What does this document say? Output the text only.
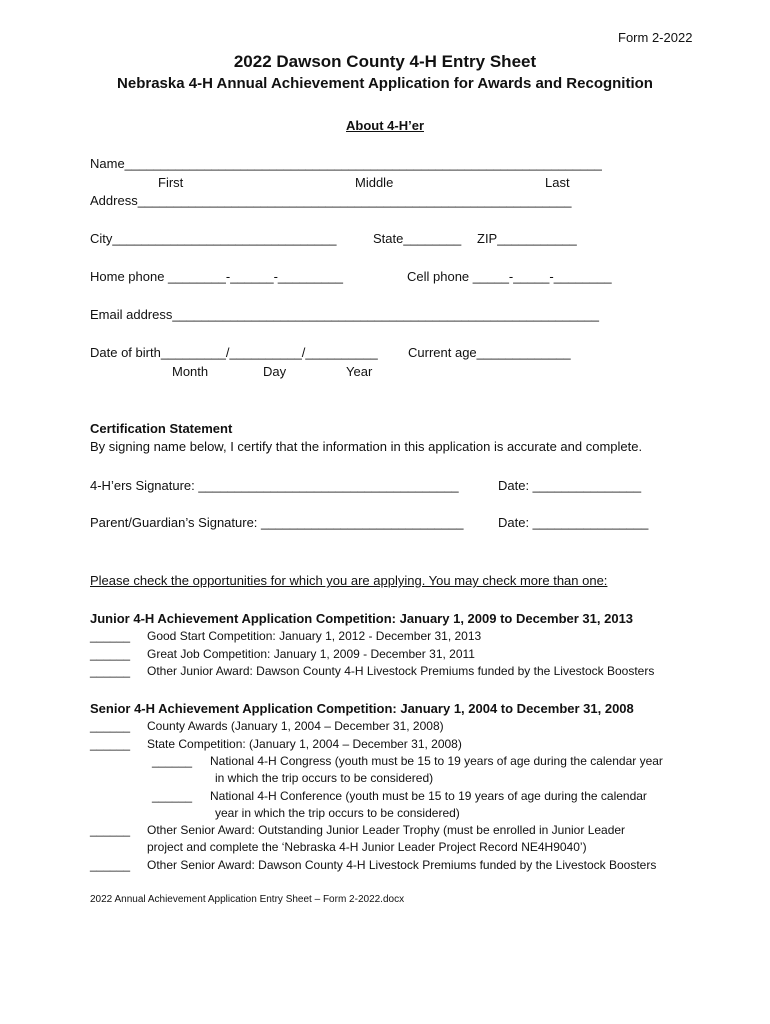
Form 2-2022
2022 Dawson County 4-H Entry Sheet
Nebraska 4-H Annual Achievement Application for Awards and Recognition
About 4-H’er
Name__________________________________________________________________
First	Middle	Last
Address____________________________________________________________
City_______________________________	State________ ZIP___________
Home phone ________-______-_________	Cell phone _____-_____-________
Email address___________________________________________________________
Date of birth_________/__________/__________ Current age_____________
Month	Day	Year
Certification Statement
By signing name below, I certify that the information in this application is accurate and complete.
4-H’ers Signature: ____________________________________	Date: _______________
Parent/Guardian’s Signature: ____________________________	Date: ________________
Please check the opportunities for which you are applying. You may check more than one:
Junior 4-H Achievement Application Competition: January 1, 2009 to December 31, 2013
______ Good Start Competition: January 1, 2012 - December 31, 2013
______ Great Job Competition: January 1, 2009 - December 31, 2011
______ Other Junior Award: Dawson County 4-H Livestock Premiums funded by the Livestock Boosters
Senior 4-H Achievement Application Competition: January 1, 2004 to December 31, 2008
______ County Awards (January 1, 2004 – December 31, 2008)
______ State Competition: (January 1, 2004 – December 31, 2008)
______ National 4-H Congress (youth must be 15 to 19 years of age during the calendar year
in which the trip occurs to be considered)
______ National 4-H Conference (youth must be 15 to 19 years of age during the calendar
year in which the trip occurs to be considered)
______ Other Senior Award: Outstanding Junior Leader Trophy (must be enrolled in Junior Leader
project and complete the ‘Nebraska 4-H Junior Leader Project Record NE4H9040’)
______ Other Senior Award: Dawson County 4-H Livestock Premiums funded by the Livestock Boosters
2022 Annual Achievement Application Entry Sheet – Form 2-2022.docx
